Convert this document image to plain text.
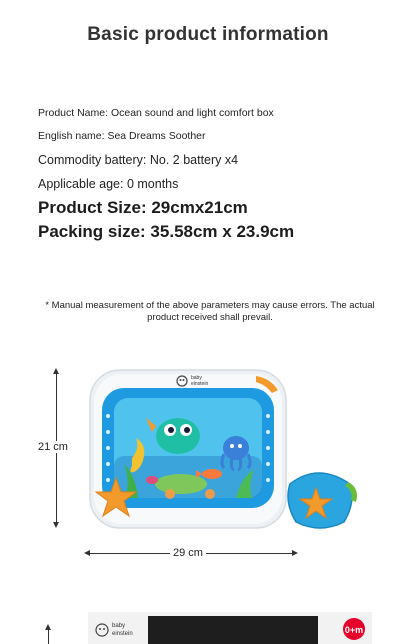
Basic product information
Product Name: Ocean sound and light comfort box
English name: Sea Dreams Soother
Commodity battery: No. 2 battery x4
Applicable age: 0 months
Product Size: 29cmx21cm
Packing size: 35.58cm x 23.9cm
* Manual measurement of the above parameters may cause errors. The actual product received shall prevail.
21 cm
29 cm
baby
einstein
baby
einstein	0+m
